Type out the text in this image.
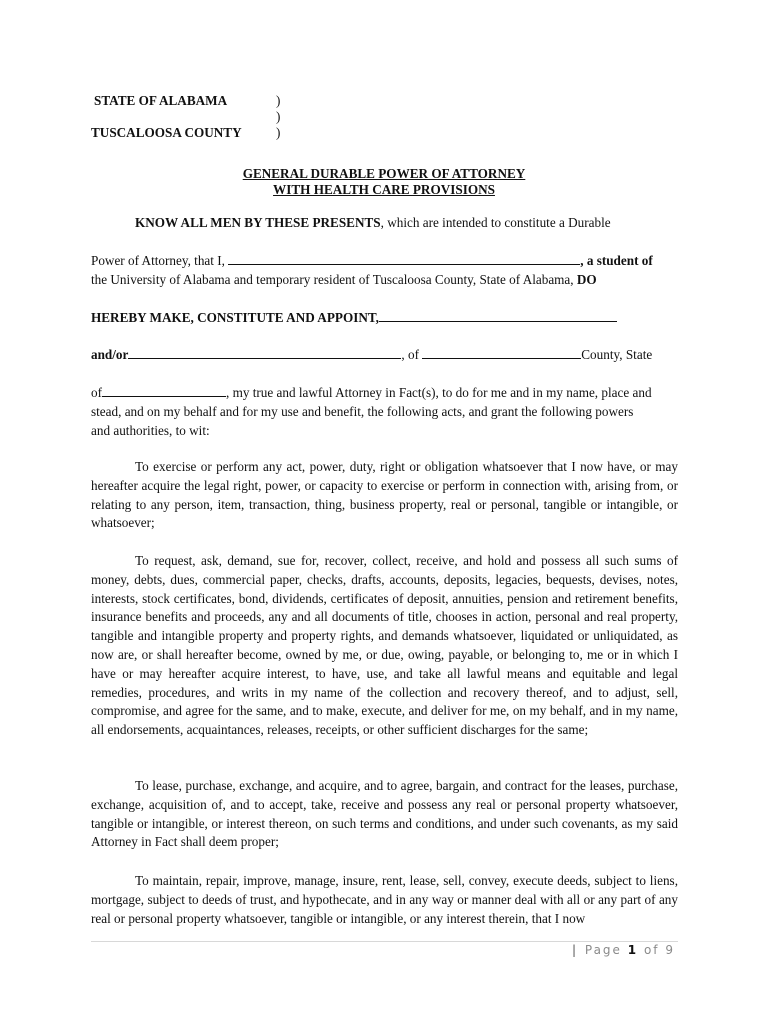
STATE OF ALABAMA	)
)
TUSCALOOSA COUNTY	)
GENERAL DURABLE POWER OF ATTORNEY
WITH HEALTH CARE PROVISIONS
KNOW ALL MEN BY THESE PRESENTS, which are intended to constitute a Durable
Power of Attorney, that I,	, a student of
the University of Alabama and temporary resident of Tuscaloosa County, State of Alabama, DO
HEREBY MAKE, CONSTITUTE AND APPOINT,
and/or	, of	County, State
of	, my true and lawful Attorney in Fact(s), to do for me and in my name, place and
stead, and on my behalf and for my use and benefit, the following acts, and grant the following powers
and authorities, to wit:
To exercise or perform any act, power, duty, right or obligation whatsoever that I now have, or may hereafter acquire the legal right, power, or capacity to exercise or perform in connection with, arising from, or relating to any person, item, transaction, thing, business property, real or personal, tangible or intangible, or whatsoever;
To request, ask, demand, sue for, recover, collect, receive, and hold and possess all such sums of money, debts, dues, commercial paper, checks, drafts, accounts, deposits, legacies, bequests, devises, notes, interests, stock certificates, bond, dividends, certificates of deposit, annuities, pension and retirement benefits, insurance benefits and proceeds, any and all documents of title, chooses in action, personal and real property, tangible and intangible property and property rights, and demands whatsoever, liquidated or unliquidated, as now are, or shall hereafter become, owned by me, or due, owing, payable, or belonging to, me or in which I have or may hereafter acquire interest, to have, use, and take all lawful means and equitable and legal remedies, procedures, and writs in my name of the collection and recovery thereof, and to adjust, sell, compromise, and agree for the same, and to make, execute, and deliver for me, on my behalf, and in my name, all endorsements, acquaintances, releases, receipts, or other sufficient discharges for the same;
To lease, purchase, exchange, and acquire, and to agree, bargain, and contract for the leases, purchase, exchange, acquisition of, and to accept, take, receive and possess any real or personal property whatsoever, tangible or intangible, or interest thereon, on such terms and conditions, and under such covenants, as my said Attorney in Fact shall deem proper;
To maintain, repair, improve, manage, insure, rent, lease, sell, convey, execute deeds, subject to liens, mortgage, subject to deeds of trust, and hypothecate, and in any way or manner deal with all or any part of any real or personal property whatsoever, tangible or intangible, or any interest therein, that I now
| Page 1 of 9
